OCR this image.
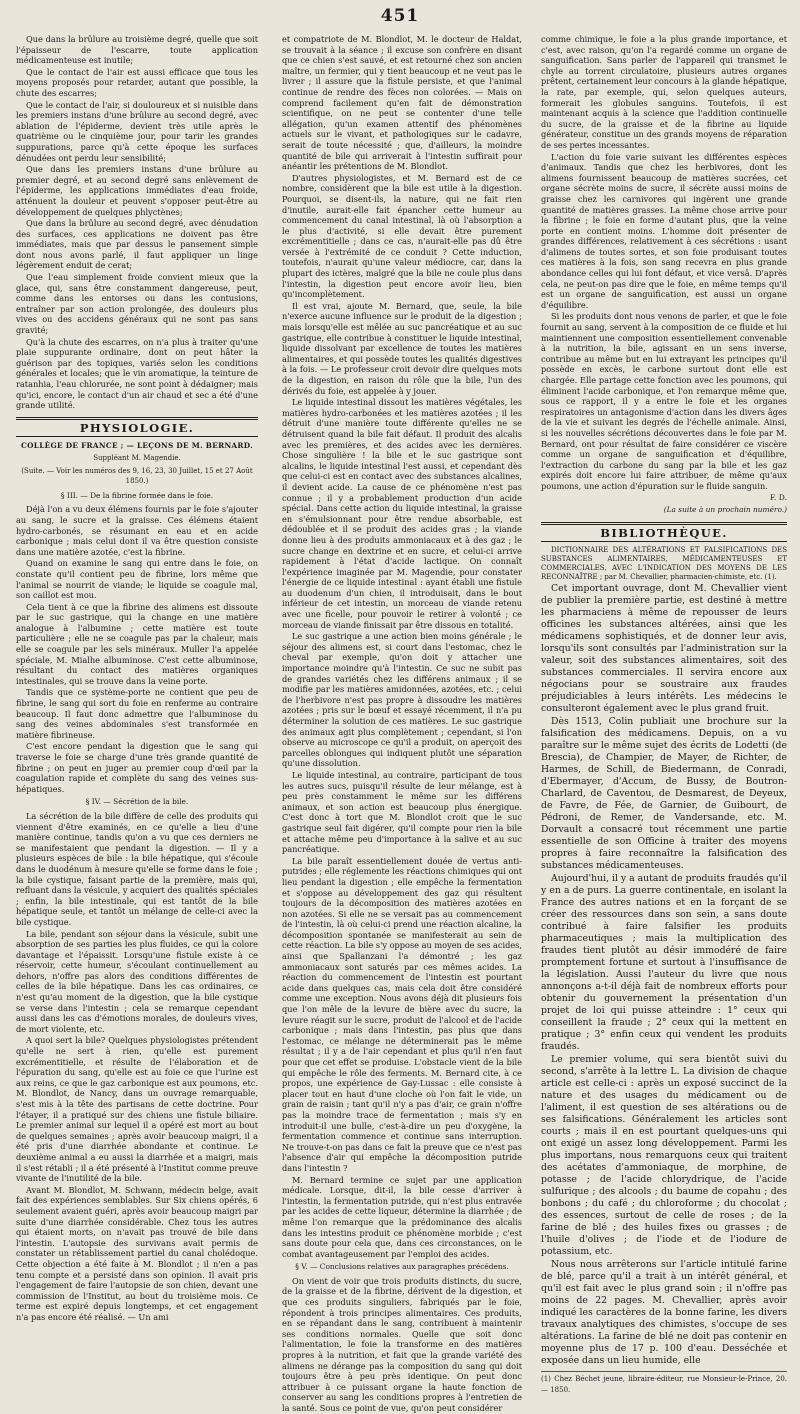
451

Que dans la brûlure au troisième degré, quelle que soit l'épaisseur de l'escarre, toute application médicamenteuse est inutile;

Que le contact de l'air est aussi efficace que tous les moyens proposés pour retarder, autant que possible, la chute des escarres;

Que le contact de l'air, si douloureux et si nuisible dans les premiers instans d'une brûlure au second degré, avec ablation de l'épiderme, devient très utile après le quatrième ou le cinquième jour, pour tarir les grandes suppurations, parce qu'à cette époque les surfaces dénudées ont perdu leur sensibilité;

Que dans les premiers instans d'une brûlure au premier degré, et au second degré sans enlèvement de l'épiderme, les applications immédiates d'eau froide, atténuent la douleur et peuvent s'opposer peut-être au développement de quelques phlyctènes;

Que dans la brûlure au second degré, avec dénudation des surfaces, ces applications ne doivent pas être immédiates, mais que par dessus le pansement simple dont nous avons parlé, il faut appliquer un linge légèrement enduit de cerat;

Que l'eau simplement froide convient mieux que la glace, qui, sans être constamment dangereuse, peut, comme dans les entorses ou dans les contusions, entraîner par son action prolongée, des douleurs plus vives ou des accidens généraux qui ne sont pas sans gravité;

Qu'à la chute des escarres, on n'a plus à traiter qu'une plaie suppurante ordinaire, dont on peut hâter la guérison par des topiques, variés selon les conditions générales et locales; que le vin aromatique, la teinture de ratanhia, l'eau chlorurée, ne sont point à dédaigner; mais qu'ici, encore, le contact d'un air chaud et sec a été d'une grande utilité.

PHYSIOLOGIE.
COLLÈGE DE FRANCE ; — LEÇONS DE M. BERNARD.
Suppléant M. Magendie.
(Suite. — Voir les numéros des 9, 16, 23, 30 Juillet, 15 et 27 Août 1850.)
§ III. — De la fibrine formée dans le foie.

Déjà l'on a vu deux élémens fournis par le foie s'ajouter au sang, le sucre et la graisse. Ces élémens étaient hydro-carbonés, se résumant en eau et en acide carbonique ; mais celui dont il va être question consiste dans une matière azotée, c'est la fibrine.

Quand on examine le sang qui entre dans le foie, on constate qu'il contient peu de fibrine, lors même que l'animal se nourrit de viande; le liquide se coagule mal, son caillot est mou.

Cela tient à ce que la fibrine des alimens est dissoute par le suc gastrique, qui la change en une matière analogue à l'albumine ; cette matière est toute particulière ; elle ne se coagule pas par la chaleur, mais elle se coagule par les sels minéraux. Muller l'a appelée spéciale, M. Mialhe albuminose. C'est cette albuminose, résultant du contact des matières organiques intestinales, qui se trouve dans la veine porte.

Tandis que ce système-porte ne contient que peu de fibrine, le sang qui sort du foie en renferme au contraire beaucoup. Il faut donc admettre que l'albuminose du sang des veines abdominales s'est transformée en matière fibrineuse.

C'est encore pendant la digestion que le sang qui traverse le foie se charge d'une très grande quantité de fibrine ; on peut en juger au premier coup d'œil par la coagulation rapide et complète du sang des veines sus-hépatiques.

§ IV. — Sécrétion de la bile.

La sécrétion de la bile diffère de celle des produits qui viennent d'être examinés, en ce qu'elle a lieu d'une manière continue, tandis qu'on a vu que ces derniers ne se manifestaient que pendant la digestion. — Il y a plusieurs espèces de bile : la bile hépatique, qui s'écoule dans le duodénum à mesure qu'elle se forme dans le foie ; la bile cystique, faisant partie de la première, mais qui, refluant dans la vésicule, y acquiert des qualités spéciales ; enfin, la bile intestinale, qui est tantôt de la bile hépatique seule, et tantôt un mélange de celle-ci avec la bile cystique.

La bile, pendant son séjour dans la vésicule, subit une absorption de ses parties les plus fluides, ce qui la colore davantage et l'épaissit. Lorsqu'une fistule existe à ce réservoir, cette humeur, s'écoulant continuellement au dehors, n'offre pas alors des conditions différentes de celles de la bile hépatique. Dans les cas ordinaires, ce n'est qu'au moment de la digestion, que la bile cystique se verse dans l'intestin ; cela se remarque cependant aussi dans les cas d'émotions morales, de douleurs vives, de mort violente, etc.

A quoi sert la bile? Quelques physiologistes prétendent qu'elle ne sert à rien, qu'elle est purement excrémentitielle, et résulte de l'élaboration et de l'épuration du sang, qu'elle est au foie ce que l'urine est aux reins, ce que le gaz carbonique est aux poumons, etc. M. Blondlot, de Nancy, dans un ouvrage remarquable, s'est mis à la tête des partisans de cette doctrine. Pour l'étayer, il a pratiqué sur des chiens une fistule biliaire. Le premier animal sur lequel il a opéré est mort au bout de quelques semaines ; après avoir beaucoup maigri, il a été pris d'une diarrhée abondante et continue. Le deuxième animal a eu aussi la diarrhée et a maigri, mais il s'est rétabli ; il a été présenté à l'Institut comme preuve vivante de l'inutilité de la bile.

Avant M. Blondlot, M. Schwann, médecin belge, avait fait des expériences semblables. Sur Six chiens opérés, 6 seulement avaient guéri, après avoir beaucoup maigri par suite d'une diarrhée considérable. Chez tous les autres qui étaient morts, on n'avait pas trouvé de bile dans l'intestin. L'autopsie des survivans avait permis de constater un rétablissement partiel du canal cholédoque. Cette objection a été faite à M. Blondlot ; il n'en a pas tenu compte et a persisté dans son opinion. Il avait pris l'engagement de faire l'autopsie de son chien, devant une commission de l'Institut, au bout du troisième mois. Ce terme est expiré depuis longtemps, et cet engagement n'a pas encore été réalisé. — Un ami

et compatriote de M. Blondlot, M. le docteur de Haldat, se trouvait à la séance ; il excuse son confrère en disant que ce chien s'est sauvé, et est retourné chez son ancien maître, un fermier, qui y tient beaucoup et ne veut pas le livrer ; il assure que la fistule persiste, et que l'animal continue de rendre des fèces non colorées. — Mais on comprend facilement qu'en fait de démonstration scientifique, on ne peut se contenter d'une telle allégation, qu'un examen attentif des phénomènes actuels sur le vivant, et pathologiques sur le cadavre, serait de toute nécessité ; que, d'ailleurs, la moindre quantité de bile qui arriverait à l'intestin suffirait pour anéantir les prétentions de M. Blondlot.

D'autres physiologistes, et M. Bernard est de ce nombre, considèrent que la bile est utile à la digestion. Pourquoi, se disent-ils, la nature, qui ne fait rien d'inutile, aurait-elle fait épancher cette humeur au commencement du canal intestinal, là où l'absorption a le plus d'activité, si elle devait être purement excrémentitielle ; dans ce cas, n'aurait-elle pas dû être versée à l'extrémité de ce conduit ? Cette induction, toutefois, n'aurait qu'une valeur médiocre, car, dans la plupart des ictères, malgré que la bile ne coule plus dans l'intestin, la digestion peut encore avoir lieu, bien qu'incomplètement.

Il est vrai, ajoute M. Bernard, que, seule, la bile n'exerce aucune influence sur le produit de la digestion ; mais lorsqu'elle est mêlée au suc pancréatique et au suc gastrique, elle contribue à constituer le liquide intestinal, liquide dissolvant par excellence de toutes les matières alimentaires, et qui possède toutes les qualités digestives à la fois. — Le professeur croit devoir dire quelques mots de la digestion, en raison du rôle que la bile, l'un des dérivés du foie, est appelée à y jouer.

Le liquide intestinal dissout les matières végétales, les matières hydro-carbonées et les matières azotées ; il les détruit d'une manière toute différente qu'elles ne se détruisent quand la bile fait défaut. Il produit des alcalis avec les premières, et des acides avec les dernières. Chose singulière ! la bile et le suc gastrique sont alcalins, le liquide intestinal l'est aussi, et cependant dès que celui-ci est en contact avec des substances alcalines, il devient acide. La cause de ce phénomène n'est pas connue ; il y a probablement production d'un acide spécial. Dans cette action du liquide intestinal, la graisse en s'émulsionnant pour être rendue absorbable, est dédoublée et il se produit des acides gras ; la viande donne lieu à des produits ammoniacaux et à des gaz ; le sucre change en dextrine et en sucre, et celui-ci arrive rapidement à l'état d'acide lactique. On connaît l'expérience imaginée par M. Magendie, pour constater l'énergie de ce liquide intestinal : ayant établi une fistule au duodenum d'un chien, il introduisait, dans le bout inférieur de cet intestin, un morceau de viande retenu avec une ficelle, pour pouvoir le retirer à volonté ; ce morceau de viande finissait par être dissous en totalité.

Le suc gastrique a une action bien moins générale ; le séjour des alimens est, si court dans l'estomac, chez le cheval par exemple, qu'on doit y attacher une importance moindre qu'à l'intestin. Ce suc ne subit pas de grandes variétés chez les différens animaux ; il se modifie par les matières amidonnées, azotées, etc. ; celui de l'herbivore n'est pas propre à dissoudre les matières azotées ; pris sur le bœuf et essayé récemment, il n'a pu déterminer la solution de ces matières. Le suc gastrique des animaux agit plus complètement ; cependant, si l'on observe au microscope ce qu'il a produit, on aperçoit des parcelles oblongues qui indiquent plutôt une séparation qu'une dissolution.

Le liquide intestinal, au contraire, participant de tous les autres sucs, puisqu'il résulte de leur mélange, est à peu près constamment le même sur les différens animaux, et son action est beaucoup plus énergique. C'est donc à tort que M. Blondlot croit que le suc gastrique seul fait digérer, qu'il compte pour rien la bile et attache même peu d'importance à la salive et au suc pancréatique.

La bile paraît essentiellement douée de vertus anti-putrides ; elle réglemente les réactions chimiques qui ont lieu pendant la digestion ; elle empêche la fermentation et s'oppose au développement des gaz qui résultent toujours de la décomposition des matières azotées en non azotées. Si elle ne se versait pas au commencement de l'intestin, là où celui-ci prend une réaction alcaline, la décomposition spontanée se manifesterait au sein de cette réaction. La bile s'y oppose au moyen de ses acides, ainsi que Spallanzani l'a démontré ; les gaz ammoniacaux sont saturés par ces mêmes acides. La réaction du commencement de l'intestin est pourtant acide dans quelques cas, mais cela doit être considéré comme une exception. Nous avons déjà dit plusieurs fois que l'on mêle de la levure de bière avec du sucre, la levure réagit sur le sucre, produit de l'alcool et de l'acide carbonique ; mais dans l'intestin, pas plus que dans l'estomac, ce mélange ne déterminerait pas le même résultat ; il y a de l'air cependant et plus qu'il n'en faut pour que cet effet se produise. L'obstacle vient de la bile qui empêche le rôle des ferments. M. Bernard cite, à ce propos, une expérience de Gay-Lussac : elle consiste à placer tout en haut d'une cloche où l'on fait le vide, un grain de raisin ; tant qu'il n'y a pas d'air, ce grain n'offre pas la moindre trace de fermentation ; mais s'y en introduit-il une bulle, c'est-à-dire un peu d'oxygène, la fermentation commence et continue sans interruption. Ne trouve-t-on pas dans ce fait la preuve que ce n'est pas l'absence d'air qui empêche la décomposition putride dans l'intestin ?

M. Bernard termine ce sujet par une application médicale. Lorsque, dit-il, la bile cesse d'arriver à l'intestin, la fermentation putride, qui n'est plus entravée par les acides de cette liqueur, détermine la diarrhée ; de même l'on remarque que la prédominance des alcalis dans les intestins produit ce phénomène morbide ; c'est sans doute pour cela que, dans ces circonstances, on le combat avantageusement par l'emploi des acides.

§ V. — Conclusions relatives aux paragraphes précédens.

On vient de voir que trois produits distincts, du sucre, de la graisse et de la fibrine, dérivent de la digestion, et que ces produits singuliers, fabriqués par le foie, répondent à trois principes alimentaires. Ces produits, en se répandant dans le sang, contribuent à maintenir ses conditions normales. Quelle que soit donc l'alimentation, le foie la transforme en des matières propres à la nutrition, et fait que la grande variété des alimens ne dérange pas la composition du sang qui doit toujours être à peu près identique. On peut donc attribuer à ce puissant organe la haute fonction de conserver au sang les conditions propres à l'entretien de la santé. Sous ce point de vue, qu'on peut considérer

comme chimique, le foie a la plus grande importance, et c'est, avec raison, qu'on l'a regardé comme un organe de sanguification. Sans parler de l'appareil qui transmet le chyle au torrent circulatoire, plusieurs autres organes prêtent, certainement leur concours à la glande hépatique, la rate, par exemple, qui, selon quelques auteurs, formerait les globules sanguins. Toutefois, il est maintenant acquis à la science que l'addition continuelle du sucre, de la graisse et de la fibrine au liquide générateur, constitue un des grands moyens de réparation de ses pertes incessantes.

L'action du foie varie suivant les différentes espèces d'animaux. Tandis que chez les herbivores, dont les alimens fournissent beaucoup de matières sucrées, cet organe sécrète moins de sucre, il sécrète aussi moins de graisse chez les carnivores qui ingèrent une grande quantité de matières grasses. La même chose arrive pour la fibrine ; le foie en forme d'autant plus, que la veine porte en contient moins. L'homme doit présenter de grandes différences, relativement à ces sécrétions : usant d'alimens de toutes sortes, et son foie produisant toutes ces matières à la fois, son sang recevra en plus grande abondance celles qui lui font défaut, et vice versâ. D'après cela, ne peut-on pas dire que le foie, en même temps qu'il est un organe de sanguification, est aussi un organe d'équilibre.

Si les produits dont nous venons de parler, et que le foie fournit au sang, servent à la composition de ce fluide et lui maintiennent une composition essentiellement convenable à la nutrition, la bile, agissant en un sens inverse, contribue au même but en lui extrayant les principes qu'il possède en excès, le carbone surtout dont elle est chargée. Elle partage cette fonction avec les poumons, qui éliminent l'acide carbonique, et l'on remarque même que, sous ce rapport, il y a entre le foie et les organes respiratoires un antagonisme d'action dans les divers âges de la vie et suivant les degrés de l'échelle animale. Ainsi, si les nouvelles sécrétions découvertes dans le foie par M. Bernard, ont pour résultat de faire considérer ce viscère comme un organe de sanguification et d'équilibre, l'extraction du carbone du sang par la bile et les gaz expirés doit encore lui faire attribuer, de même qu'aux poumons, une action d'épuration sur le fluide sanguin.

F. D.
(La suite à un prochain numéro.)
BIBLIOTHÈQUE.

DICTIONNAIRE DES ALTÉRATIONS ET FALSIFICATIONS DES SUBSTANCES ALIMENTAIRES, MÉDICAMENTEUSES ET COMMERCIALES, AVEC L'INDICATION DES MOYENS DE LES RECONNAÎTRE ; par M. Chevallier, pharmacien-chimiste, etc. (1).

Cet important ouvrage, dont M. Chevallier vient de publier la première partie, est destiné à mettre les pharmaciens à même de repousser de leurs officines les substances altérées, ainsi que les médicamens sophistiqués, et de donner leur avis, lorsqu'ils sont consultés par l'administration sur la valeur, soit des substances alimentaires, soit des substances commerciales. Il servira encore aux négocians pour se soustraire aux fraudes préjudiciables à leurs intérêts. Les médecins le consulteront également avec le plus grand fruit.

Dès 1513, Colin publiait une brochure sur la falsification des médicamens. Depuis, on a vu paraître sur le même sujet des écrits de Lodetti (de Brescia), de Champier, de Mayer, de Richter, de Harmes, de Schill, de Biedermann, de Conradi, d'Ebermayer, d'Accum, de Bussy, de Boutron-Charlard, de Caventou, de Desmarest, de Deyeux, de Favre, de Fée, de Garnier, de Guibourt, de Pédroni, de Remer, de Vandersande, etc. M. Dorvault a consacré tout récemment une partie essentielle de son Officine à traiter des moyens propres à faire reconnaître la falsification des substances médicamenteuses.

Aujourd'hui, il y a autant de produits fraudés qu'il y en a de purs. La guerre continentale, en isolant la France des autres nations et en la forçant de se créer des ressources dans son sein, a sans doute contribué à faire falsifier les produits pharmaceutiques ; mais la multiplication des fraudes tient plutôt au désir immodéré de faire promptement fortune et surtout à l'insuffisance de la législation. Aussi l'auteur du livre que nous annonçons a-t-il déjà fait de nombreux efforts pour obtenir du gouvernement la présentation d'un projet de loi qui puisse atteindre : 1° ceux qui conseillent la fraude ; 2° ceux qui la mettent en pratique ; 3° enfin ceux qui vendent les produits fraudés.

Le premier volume, qui sera bientôt suivi du second, s'arrête à la lettre L. La division de chaque article est celle-ci : après un exposé succinct de la nature et des usages du médicament ou de l'aliment, il est question de ses altérations ou de ses falsifications. Généralement les articles sont courts ; mais il en est pourtant quelques-uns qui ont exigé un assez long développement. Parmi les plus importans, nous remarquons ceux qui traitent des acétates d'ammoniaque, de morphine, de potasse ; de l'acide chlorydrique, de l'acide sulfurique ; des alcools ; du baume de copahu ; des bonbons ; du café ; du chloroforme ; du chocolat ; des essences, surtout de celle de roses ; de la farine de blé ; des huiles fixes ou grasses ; de l'huile d'olives ; de l'iode et de l'iodure de potassium, etc.

Nous nous arrêterons sur l'article intitulé farine de blé, parce qu'il a trait à un intérêt général, et qu'il est fait avec le plus grand soin ; il n'offre pas moins de 22 pages. M. Chevallier, après avoir indiqué les caractères de la bonne farine, les divers travaux analytiques des chimistes, s'occupe de ses altérations. La farine de blé ne doit pas contenir en moyenne plus de 17 p. 100 d'eau. Desséchée et exposée dans un lieu humide, elle

(1) Chez Béchet jeune, libraire-éditeur, rue Monsieur-le-Prince, 20. — 1850.
